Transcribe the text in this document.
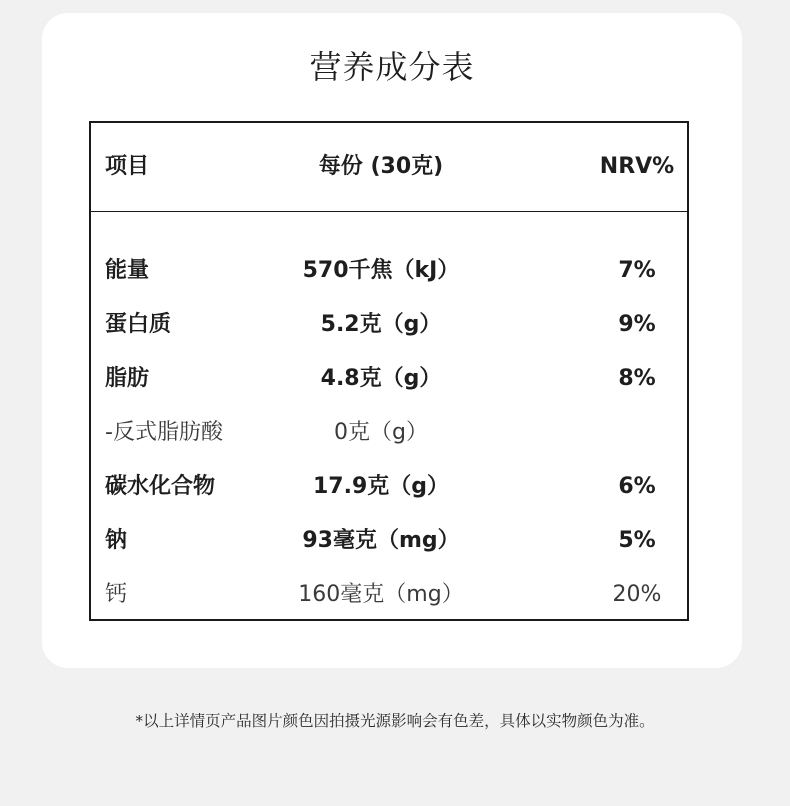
营养成分表
项目	每份 (30克)	NRV%
能量	570千焦（kJ）	7%
蛋白质	5.2克（g）	9%
脂肪	4.8克（g）	8%
-反式脂肪酸	0克（g）
碳水化合物	17.9克（g）	6%
钠	93毫克（mg）	5%
钙	160毫克（mg）	20%
*以上详情页产品图片颜色因拍摄光源影响会有色差，具体以实物颜色为准。
